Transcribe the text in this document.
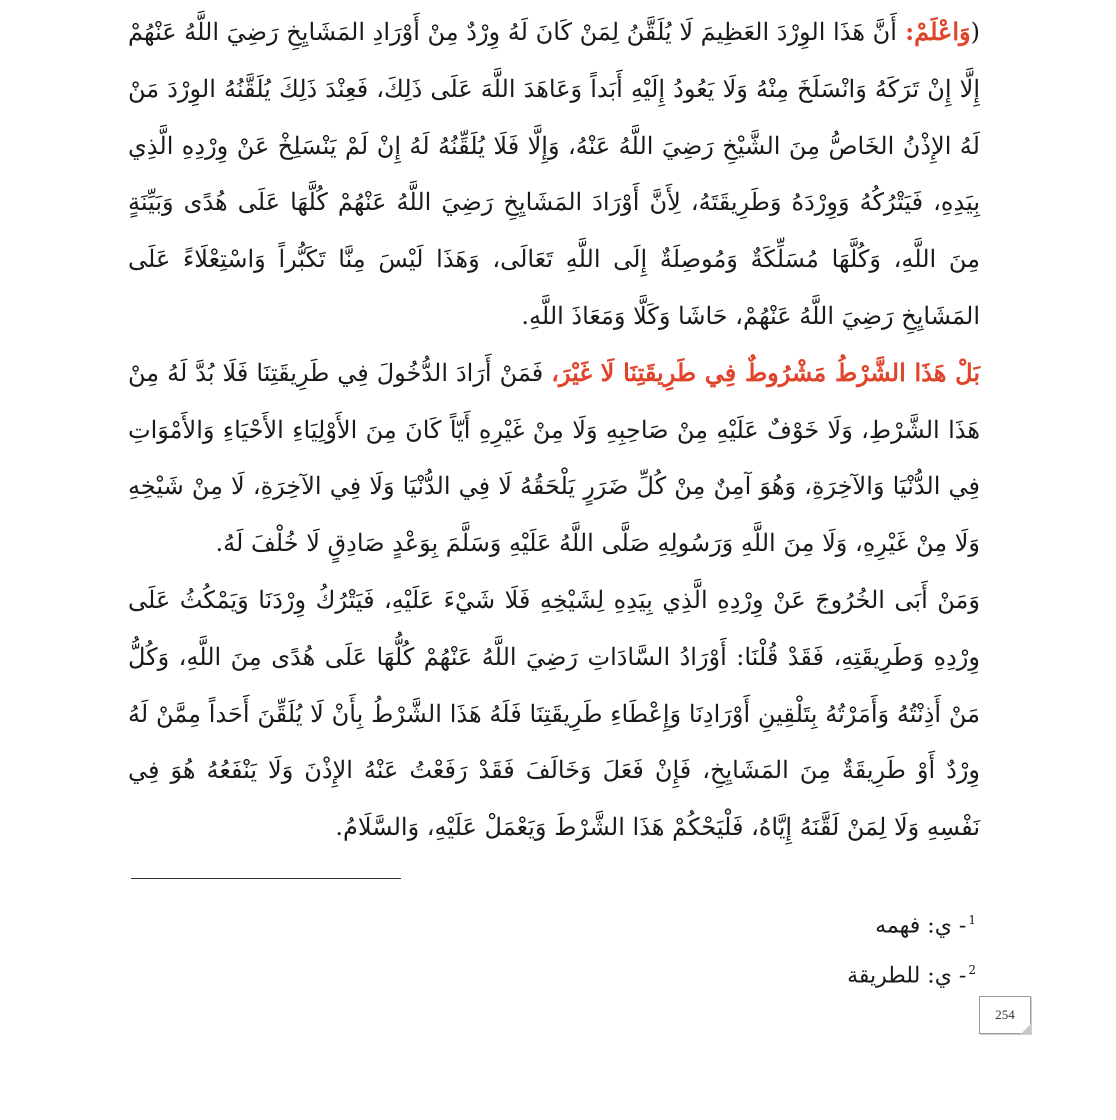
(وَاعْلَمْ: أَنَّ هَذَا الوِرْدَ العَظِيمَ لَا يُلَقَّنُ لِمَنْ كَانَ لَهُ وِرْدٌ مِنْ أَوْرَادِ المَشَايِخِ رَضِيَ اللَّهُ عَنْهُمْ إِلَّا إِنْ تَرَكَهُ وَانْسَلَخَ مِنْهُ وَلَا يَعُودُ إِلَيْهِ أَبَداً وَعَاهَدَ اللَّهَ عَلَى ذَلِكَ، فَعِنْدَ ذَلِكَ يُلَقَّنُهُ الوِرْدَ مَنْ لَهُ الإِذْنُ الخَاصُّ مِنَ الشَّيْخِ رَضِيَ اللَّهُ عَنْهُ، وَإِلَّا فَلَا يُلَقِّنُهُ لَهُ إِنْ لَمْ يَنْسَلِخْ عَنْ وِرْدِهِ الَّذِي بِيَدِهِ، فَيَتْرُكُهُ وَوِرْدَهُ وَطَرِيقَتَهُ، لِأَنَّ أَوْرَادَ المَشَايِخِ رَضِيَ اللَّهُ عَنْهُمْ كُلَّهَا عَلَى هُدًى وَبَيِّنَةٍ مِنَ اللَّهِ، وَكُلَّهَا مُسَلِّكَةٌ وَمُوصِلَةٌ إِلَى اللَّهِ تَعَالَى، وَهَذَا لَيْسَ مِنَّا تَكَبُّراً وَاسْتِعْلَاءً عَلَى المَشَايِخِ رَضِيَ اللَّهُ عَنْهُمْ، حَاشَا وَكَلَّا وَمَعَاذَ اللَّهِ.

بَلْ هَذَا الشَّرْطُ مَشْرُوطٌ فِي طَرِيقَتِنَا لَا غَيْرَ، فَمَنْ أَرَادَ الدُّخُولَ فِي طَرِيقَتِنَا فَلَا بُدَّ لَهُ مِنْ هَذَا الشَّرْطِ، وَلَا خَوْفٌ عَلَيْهِ مِنْ صَاحِبِهِ وَلَا مِنْ غَيْرِهِ أَيّاً كَانَ مِنَ الأَوْلِيَاءِ الأَحْيَاءِ وَالأَمْوَاتِ فِي الدُّنْيَا وَالآخِرَةِ، وَهُوَ آمِنٌ مِنْ كُلِّ ضَرَرٍ يَلْحَقُهُ لَا فِي الدُّنْيَا وَلَا فِي الآخِرَةِ، لَا مِنْ شَيْخِهِ وَلَا مِنْ غَيْرِهِ، وَلَا مِنَ اللَّهِ وَرَسُولِهِ صَلَّى اللَّهُ عَلَيْهِ وَسَلَّمَ بِوَعْدٍ صَادِقٍ لَا خُلْفَ لَهُ.

وَمَنْ أَبَى الخُرُوجَ عَنْ وِرْدِهِ الَّذِي بِيَدِهِ لِشَيْخِهِ فَلَا شَيْءَ عَلَيْهِ، فَيَتْرُكُ وِرْدَنَا وَيَمْكُثُ عَلَى وِرْدِهِ وَطَرِيقَتِهِ، فَقَدْ قُلْنَا: أَوْرَادُ السَّادَاتِ رَضِيَ اللَّهُ عَنْهُمْ كُلُّهَا عَلَى هُدًى مِنَ اللَّهِ، وَكُلُّ مَنْ أَذِنْتُهُ وَأَمَرْتُهُ بِتَلْقِينِ أَوْرَادِنَا وَإِعْطَاءِ طَرِيقَتِنَا فَلَهُ هَذَا الشَّرْطُ بِأَنْ لَا يُلَقِّنَ أَحَداً مِمَّنْ لَهُ وِرْدٌ أَوْ طَرِيقَةٌ مِنَ المَشَايِخِ، فَإِنْ فَعَلَ وَخَالَفَ فَقَدْ رَفَعْتُ عَنْهُ الإِذْنَ وَلَا يَنْفَعُهُ هُوَ فِي نَفْسِهِ وَلَا لِمَنْ لَقَّنَهُ إِيَّاهُ، فَلْيَحْكُمْ هَذَا الشَّرْطَ وَيَعْمَلْ عَلَيْهِ، وَالسَّلَامُ.

$^1$- ي: فهمه
$^2$- ي: للطريقة
254
